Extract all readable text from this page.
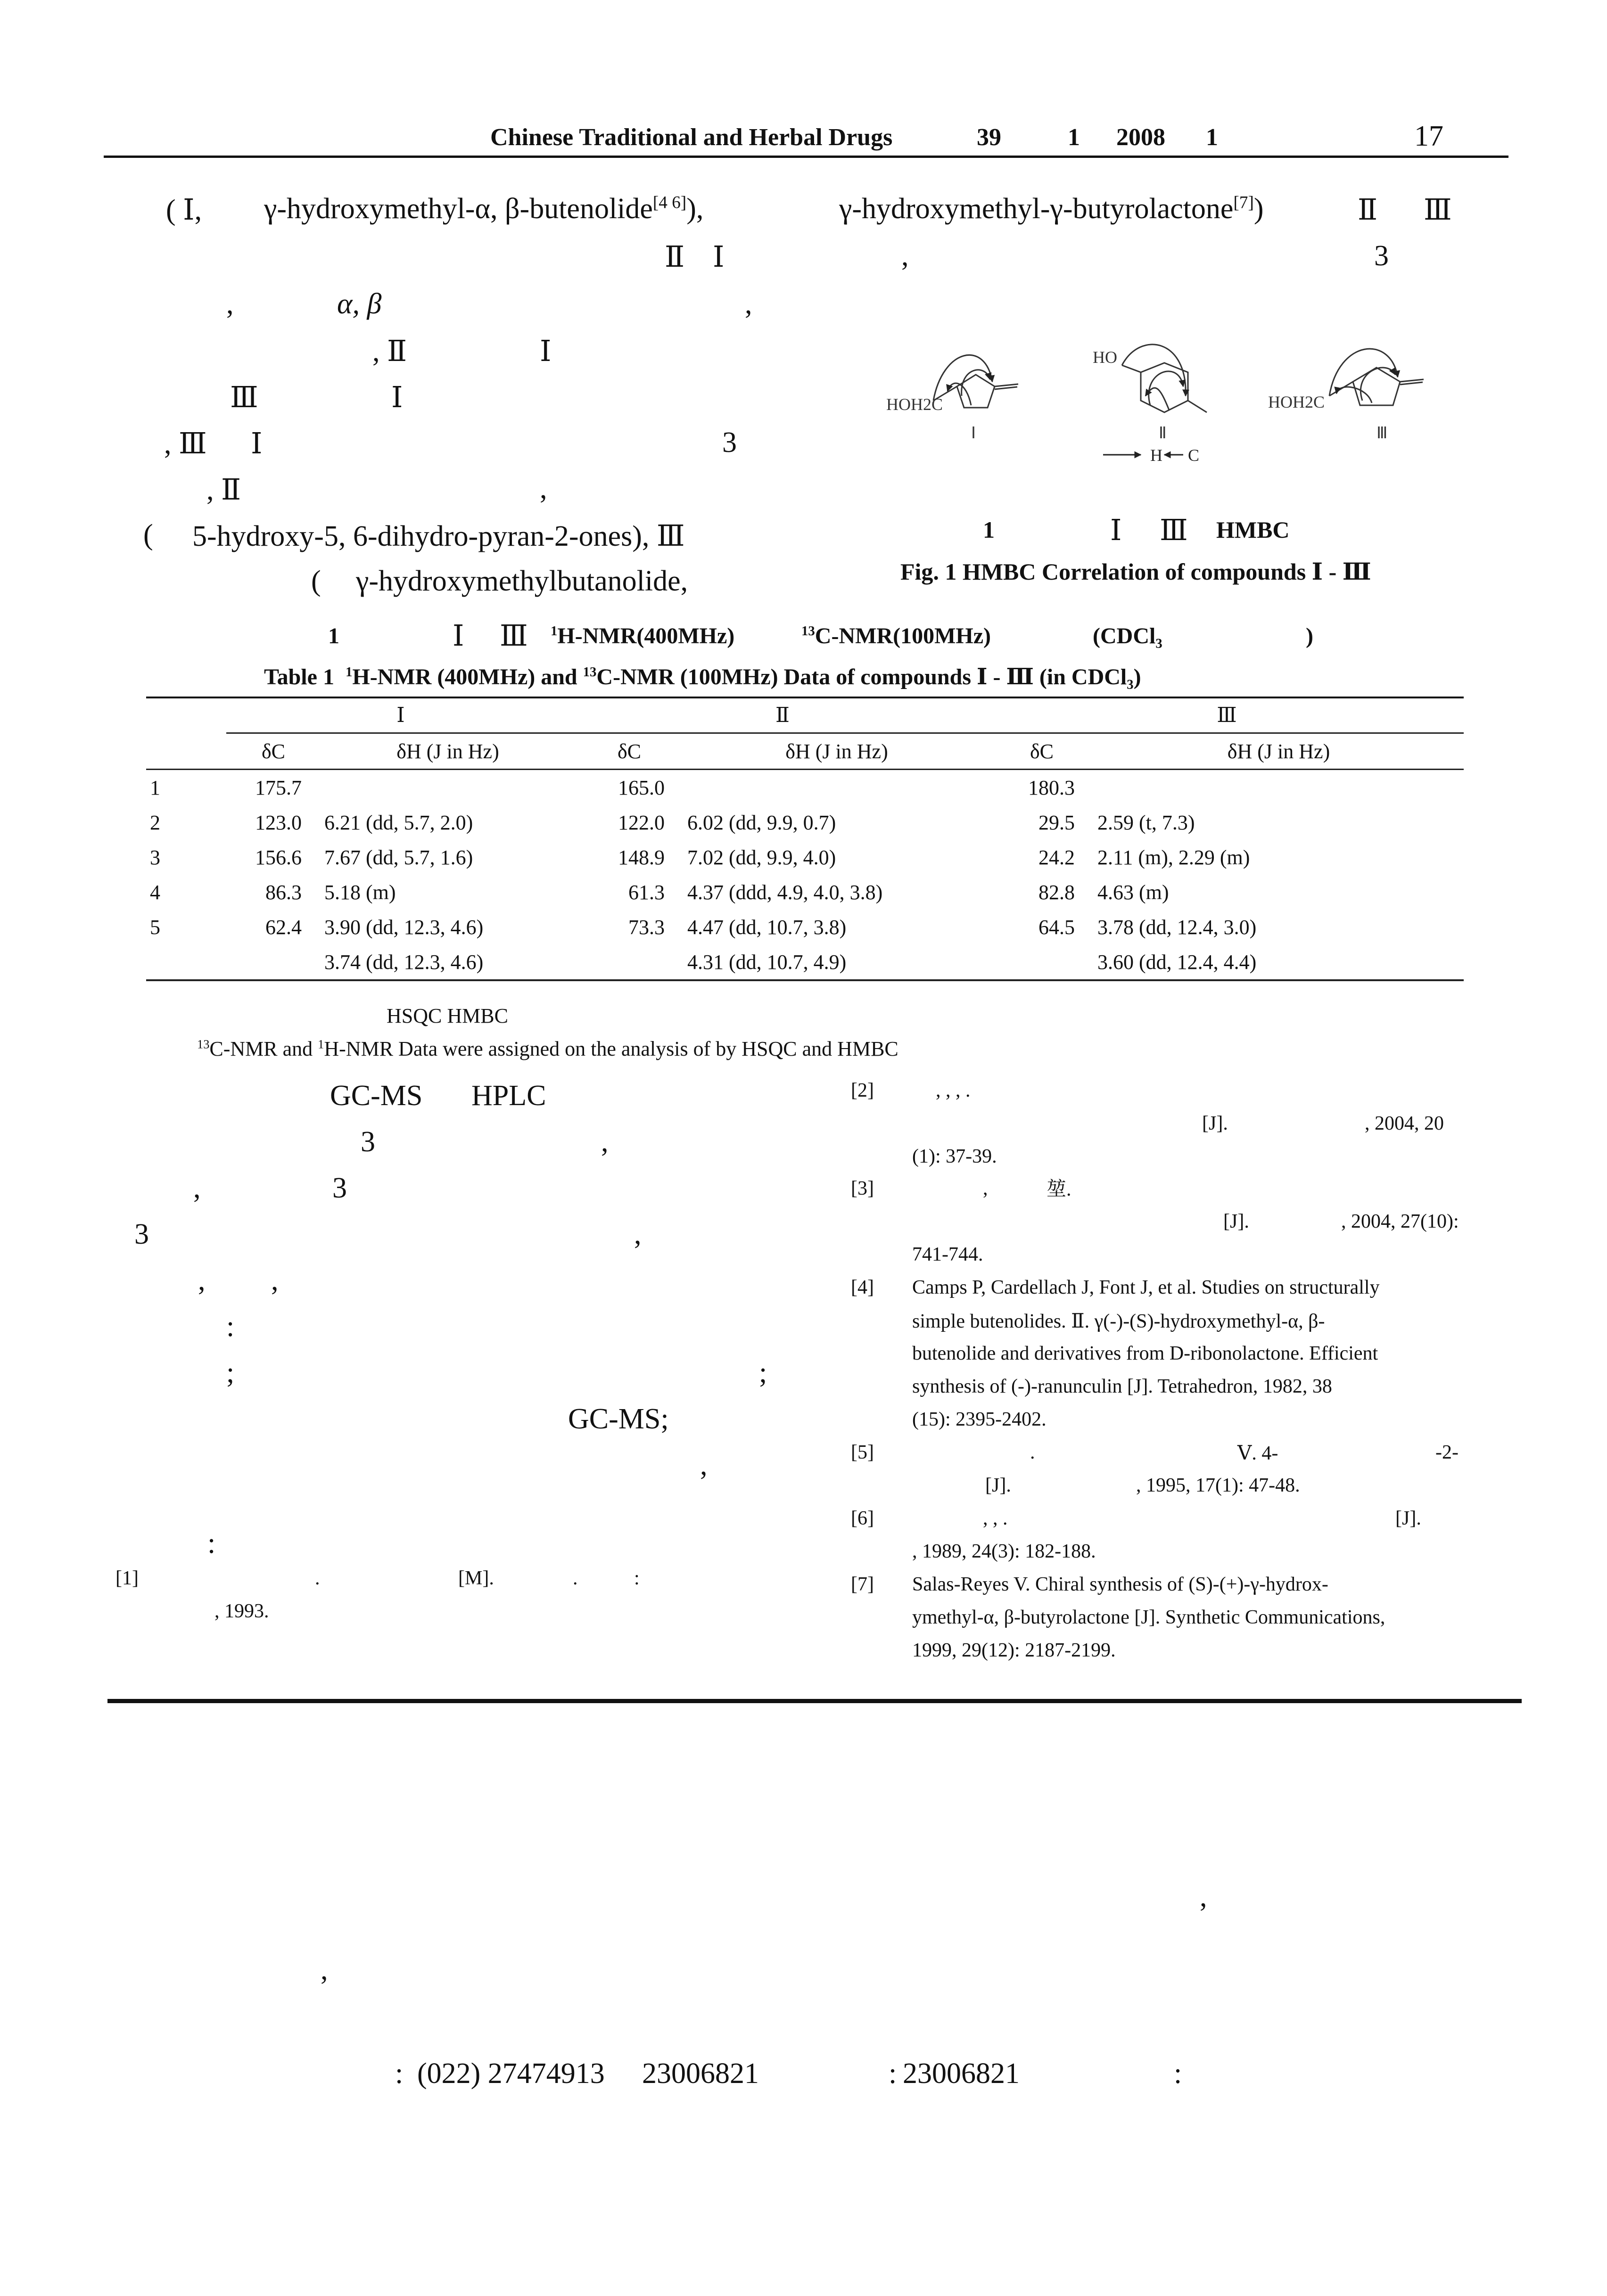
Chinese Traditional and Herbal Drugs	39	1 2008 1	17
( Ⅰ, γ-hydroxymethyl-α, β-butenolide[4 6]),
Ⅱ Ⅰ
,	α, β	,
, Ⅱ	Ⅰ
Ⅲ	Ⅰ
, Ⅲ Ⅰ	3
, Ⅱ	,
( 5-hydroxy-5, 6-dihydro-pyran-2-ones), Ⅲ
( γ-hydroxymethylbutanolide,
γ-hydroxymethyl-γ-butyrolactone[7])	Ⅱ Ⅲ
,	3
HOH2C
Ⅰ
HO
Ⅱ
H C
HOH2C
Ⅲ
1	Ⅰ Ⅲ HMBC
Fig. 1 HMBC Correlation of compounds Ⅰ - Ⅲ
1	Ⅰ Ⅲ $^1$H-NMR(400MHz)	$^{13}$C-NMR(100MHz)	(CDCl₃	)
Table 1 $^1$H-NMR (400MHz) and $^{13}$C-NMR (100MHz) Data of compounds Ⅰ - Ⅲ (in CDCl₃)
	Ⅰ		Ⅱ		Ⅲ	
	δC	δH (J in Hz)	δC	δH (J in Hz)	δC	δH (J in Hz)
1	175.7		165.0		180.3	
2	123.0	6.21 (dd, 5.7, 2.0)	122.0	6.02 (dd, 9.9, 0.7)	29.5	2.59 (t, 7.3)
3	156.6	7.67 (dd, 5.7, 1.6)	148.9	7.02 (dd, 9.9, 4.0)	24.2	2.11 (m), 2.29 (m)
4	86.3	5.18 (m)	61.3	4.37 (ddd, 4.9, 4.0, 3.8)	82.8	4.63 (m)
5	62.4	3.90 (dd, 12.3, 4.6)	73.3	4.47 (dd, 10.7, 3.8)	64.5	3.78 (dd, 12.4, 3.0)
		3.74 (dd, 12.3, 4.6)		4.31 (dd, 10.7, 4.9)		3.60 (dd, 12.4, 4.4)
HSQC HMBC
$^{13}$C-NMR and $^1$H-NMR Data were assigned on the analysis of by HSQC and HMBC
GC-MS HPLC
3	,
,	3
3	,
, ,
:
;	;
GC-MS;
,
:
[1]	.	[M].	.	:
, 1993.
[2]	, , , .
[J].	, 2004, 20
(1): 37-39.
[3]	,	堃.
[J].	, 2004, 27(10):
741-744.
[4] Camps P, Cardellach J, Font J, et al. Studies on structurally
simple butenolides. Ⅱ. γ(-)-(S)-hydroxymethyl-α, β-
butenolide and derivatives from D-ribonolactone. Efficient
synthesis of (-)-ranunculin [J]. Tetrahedron, 1982, 38
(15): 2395-2402.
[5]	.	Ⅴ. 4-	-2-
[J].	, 1995, 17(1): 47-48.
[6]	, , .	[J].
, 1989, 24(3): 182-188.
[7] Salas-Reyes V. Chiral synthesis of (S)-(+)-γ-hydrox-
ymethyl-α, β-butyrolactone [J]. Synthetic Communications,
1999, 29(12): 2187-2199.
,
,
: (022) 27474913 23006821	: 23006821	:
